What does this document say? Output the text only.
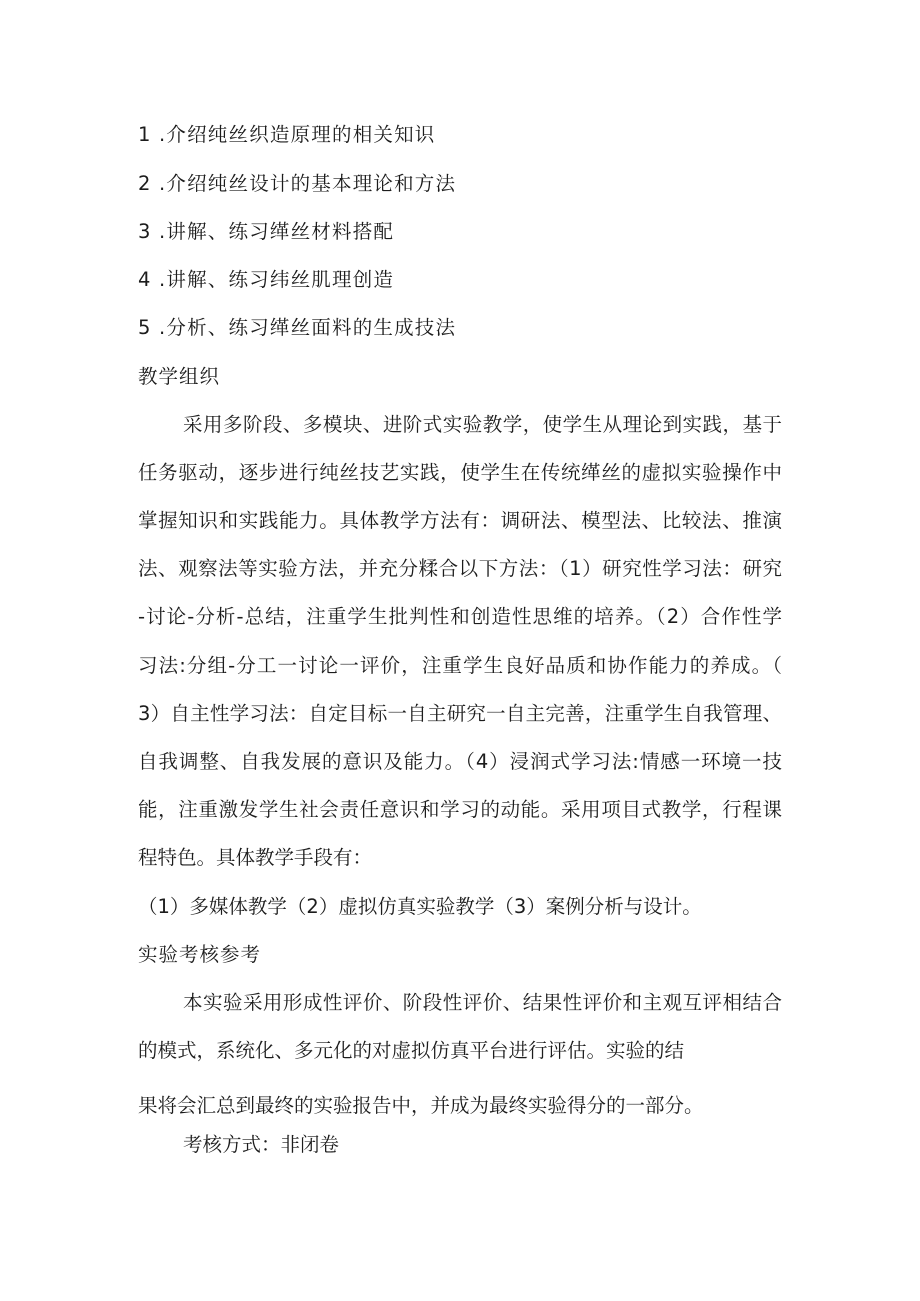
1 .介绍纯丝织造原理的相关知识
2 .介绍纯丝设计的基本理论和方法
3 .讲解、练习缂丝材料搭配
4 .讲解、练习纬丝肌理创造
5 .分析、练习缂丝面料的生成技法
教学组织
采用多阶段、多模块、进阶式实验教学，使学生从理论到实践，基于
任务驱动，逐步进行纯丝技艺实践，使学生在传统缂丝的虚拟实验操作中
掌握知识和实践能力。具体教学方法有：调研法、模型法、比较法、推演
法、观察法等实验方法，并充分糅合以下方法：（1）研究性学习法：研究
-讨论-分析-总结，注重学生批判性和创造性思维的培养。（2）合作性学
习法:分组-分工一讨论一评价，注重学生良好品质和协作能力的养成。（
3）自主性学习法：自定目标一自主研究一自主完善，注重学生自我管理、
自我调整、自我发展的意识及能力。（4）浸润式学习法:情感一环境一技
能，注重激发学生社会责任意识和学习的动能。采用项目式教学，行程课
程特色。具体教学手段有：
（1）多媒体教学（2）虚拟仿真实验教学（3）案例分析与设计。
实验考核参考
本实验采用形成性评价、阶段性评价、结果性评价和主观互评相结合
的模式，系统化、多元化的对虚拟仿真平台进行评估。实验的结
果将会汇总到最终的实验报告中，并成为最终实验得分的一部分。
考核方式：非闭卷
